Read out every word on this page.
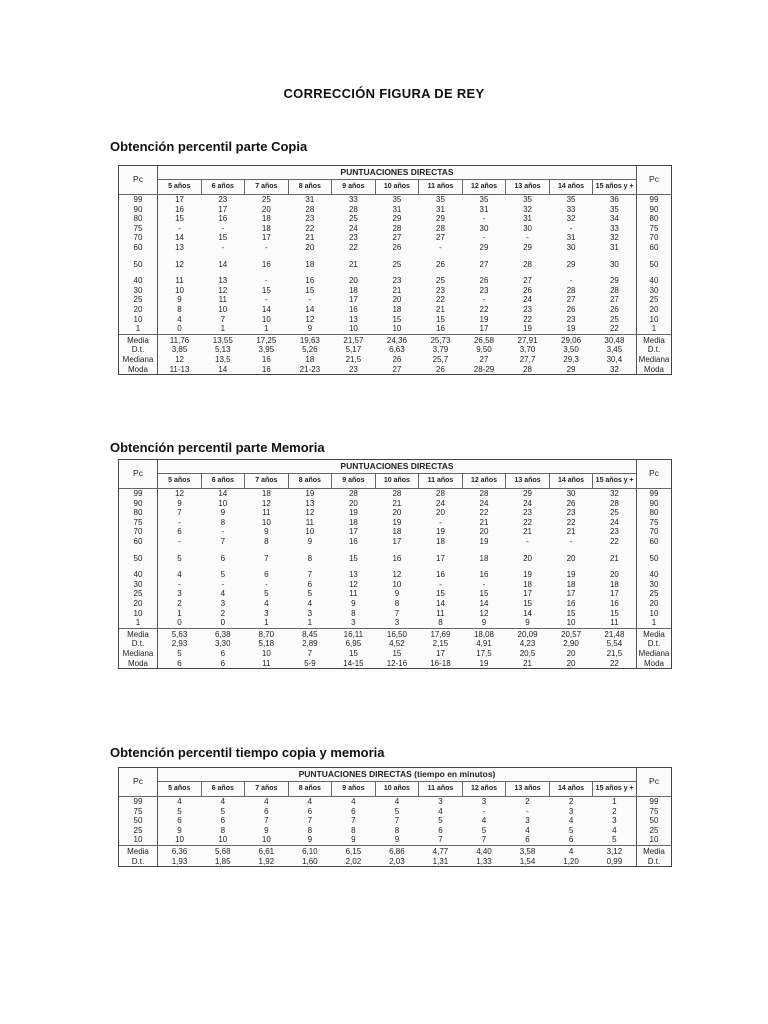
CORRECCIÓN FIGURA DE REY
Obtención percentil parte Copia
Pc	PUNTUACIONES DIRECTAS											Pc
	5 años	6 años	7 años	8 años	9 años	10 años	11 años	12 años	13 años	14 años	15 años y +	
99	17	23	25	31	33	35	35	35	35	35	36	99
90	16	17	20	28	28	31	31	31	32	33	35	90
80	15	16	18	23	25	29	29	-	31	32	34	80
75	-	-	18	22	24	28	28	30	30	-	33	75
70	14	15	17	21	23	27	27	-	-	31	32	70
60	13	-	-	20	22	26	-	29	29	30	31	60

50	12	14	16	18	21	25	26	27	28	29	30	50

40	11	13	-	16	20	23	25	26	27	-	29	40
30	10	12	15	15	18	21	23	23	26	28	28	30
25	9	11	-	-	17	20	22	-	24	27	27	25
20	8	10	14	14	16	18	21	22	23	26	26	20
10	4	7	10	12	13	15	15	19	22	23	25	10
1	0	1	1	9	10	10	16	17	19	19	22	1
Media	11,76	13,55	17,25	19,63	21,57	24,36	25,73	26,58	27,91	29,06	30,48	Media
D.t.	3,85	5,13	3,95	5,26	5,17	6,63	3,79	9,50	3,70	3,50	3,45	D.t.
Mediana	12	13,5	16	18	21,5	26	25,7	27	27,7	29,3	30,4	Mediana
Moda	11-13	14	16	21-23	23	27	26	28-29	28	29	32	Moda
Obtención percentil parte Memoria
Pc	PUNTUACIONES DIRECTAS											Pc
	5 años	6 años	7 años	8 años	9 años	10 años	11 años	12 años	13 años	14 años	15 años y +	
99	12	14	18	19	28	28	28	28	29	30	32	99
90	9	10	12	13	20	21	24	24	24	26	28	90
80	7	9	11	12	19	20	20	22	23	23	25	80
75	-	8	10	11	18	19	-	21	22	22	24	75
70	6	-	9	10	17	18	19	20	21	21	23	70
60	-	7	8	9	16	17	18	19	-	-	22	60

50	5	6	7	8	15	16	17	18	20	20	21	50

40	4	5	6	7	13	12	16	16	19	19	20	40
30	-	-	-	6	12	10	-	-	18	18	18	30
25	3	4	5	5	11	9	15	15	17	17	17	25
20	2	3	4	4	9	8	14	14	15	16	16	20
10	1	2	3	3	8	7	11	12	14	15	15	10
1	0	0	1	1	3	3	8	9	9	10	11	1
Media	5,63	6,38	8,70	8,45	16,11	16,50	17,69	18,08	20,09	20,57	21,48	Media
D.t.	2,93	3,30	5,18	2,89	6,95	4,52	2,15	4,91	4,23	2,90	5,54	D.t.
Mediana	5	6	10	7	15	15	17	17,5	20,5	20	21,5	Mediana
Moda	6	6	11	5-9	14-15	12-16	16-18	19	21	20	22	Moda
Obtención percentil tiempo copia y memoria
Pc	PUNTUACIONES DIRECTAS (tiempo en minutos)											Pc
	5 años	6 años	7 años	8 años	9 años	10 años	11 años	12 años	13 años	14 años	15 años y +	
99	4	4	4	4	4	4	3	3	2	2	1	99
75	5	5	6	6	6	5	4	-	-	3	2	75
50	6	6	7	7	7	7	5	4	3	4	3	50
25	9	8	9	8	8	8	6	5	4	5	4	25
10	10	10	10	9	9	9	7	7	6	6	5	10
Media	6,36	5,68	6,61	6,10	6,15	6,86	4,77	4,40	3,58	4	3,12	Media
D.t.	1,93	1,85	1,92	1,60	2,02	2,03	1,31	1,33	1,54	1,20	0,99	D.t.
